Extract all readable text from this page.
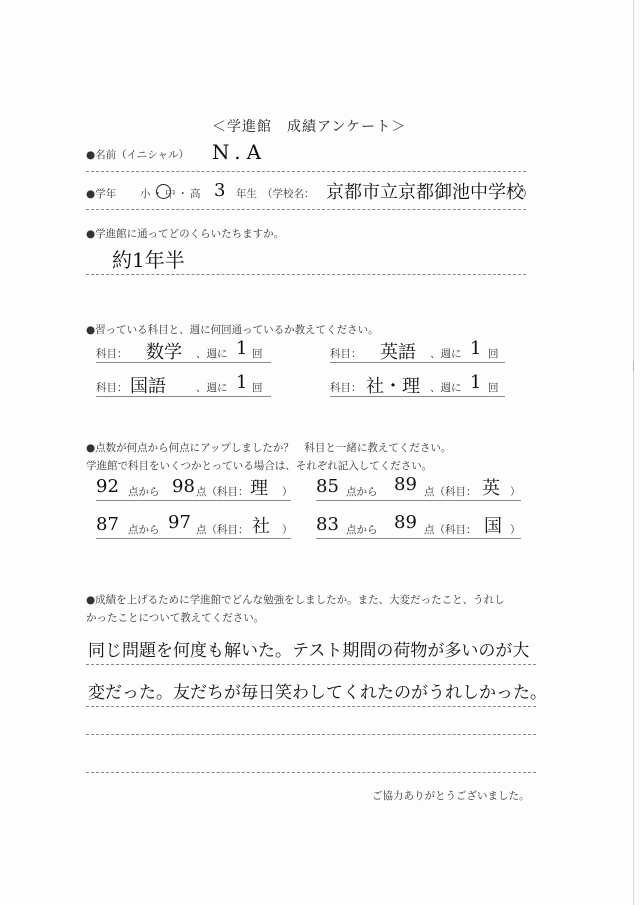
＜学進館　成績アンケート＞
●名前（イニシャル） N.A
●学年 小・中・高 3 年生 （学校名： 京都市立京都御池中学校
）
●学進館に通ってどのくらいたちますか。
約1年半
●習っている科目と、週に何回通っているか教えてください。
科目： 数学 、週に 1 回	科目： 英語 、週に 1 回
科目： 国語	、週に 1 回	科目： 社・理 、週に 1 回
●点数が何点から何点にアップしましたか？　科目と一緒に教えてください。
学進館で科目をいくつかとっている場合は、それぞれ記入してください。
92 点から 98 点（科目： 理 ） 85 点から 89 点（科目： 英 ）
87 点から 97 点（科目： 社 ） 83 点から 89 点（科目： 国 ）
●成績を上げるために学進館でどんな勉強をしましたか。また、大変だったこと、うれし
かったことについて教えてください。
同じ問題を何度も解いた。テスト期間の荷物が多いのが大
変だった。友だちが毎日笑わしてくれたのがうれしかった。
ご協力ありがとうございました。
